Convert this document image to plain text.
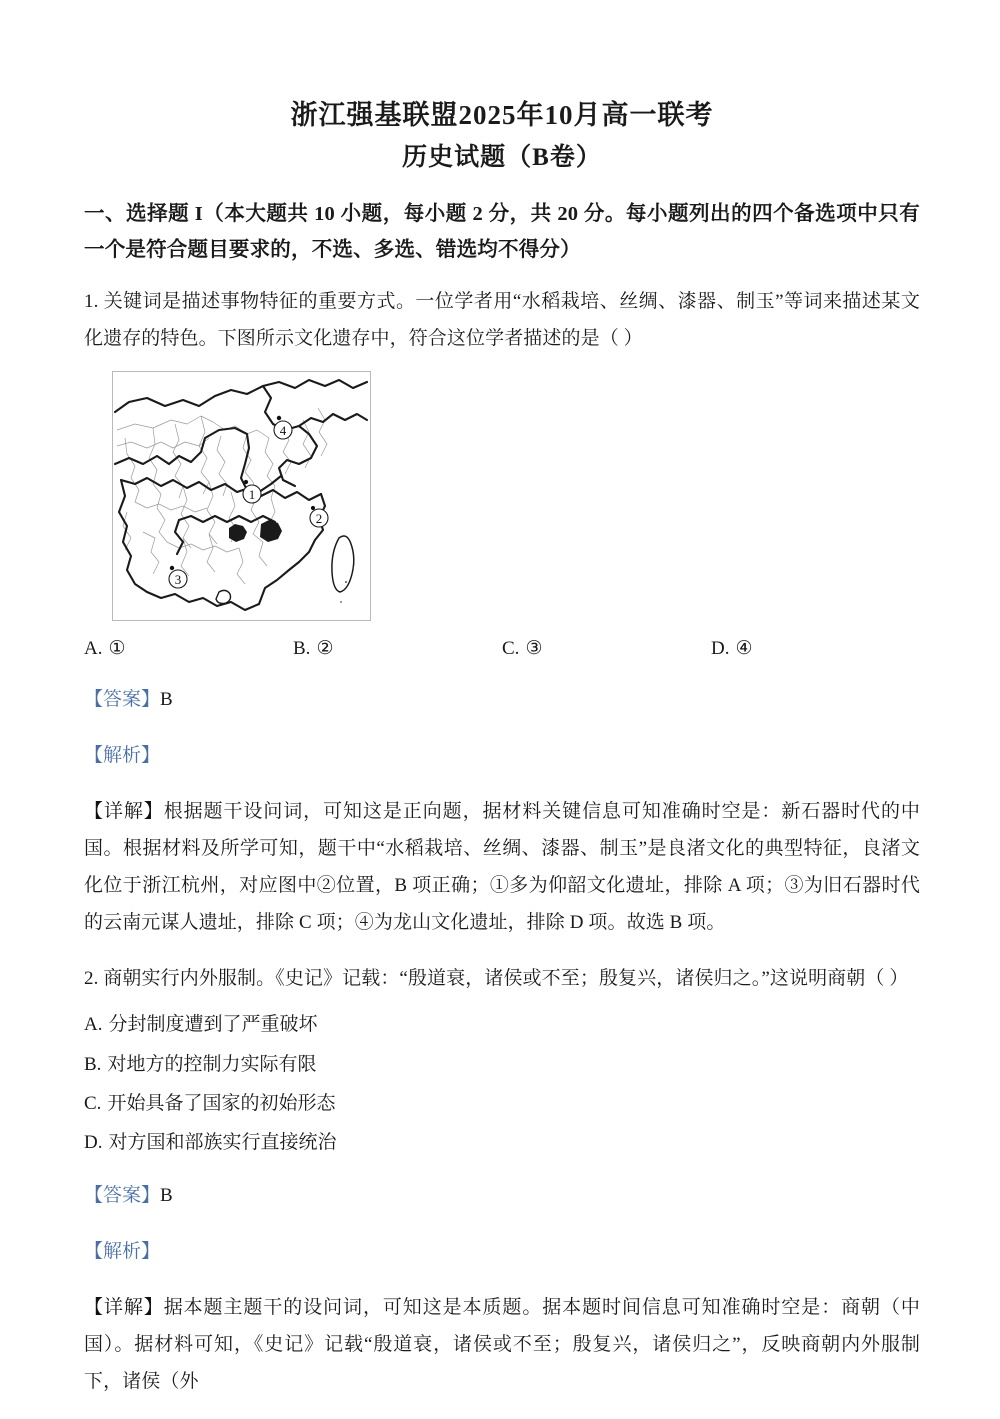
浙江强基联盟2025年10月高一联考
历史试题（B卷）

一、选择题 I（本大题共 10 小题，每小题 2 分，共 20 分。每小题列出的四个备选项中只有一个是符合题目要求的，不选、多选、错选均不得分）

1. 关键词是描述事物特征的重要方式。一位学者用“水稻栽培、丝绸、漆器、制玉”等词来描述某文化遗存的特色。下图所示文化遗存中，符合这位学者描述的是（ ）

1
2
3
4
A. ①	B. ②	C. ③	D. ④

【答案】B

【解析】

【详解】根据题干设问词，可知这是正向题，据材料关键信息可知准确时空是：新石器时代的中国。根据材料及所学可知，题干中“水稻栽培、丝绸、漆器、制玉”是良渚文化的典型特征，良渚文化位于浙江杭州，对应图中②位置，B 项正确；①多为仰韶文化遗址，排除 A 项；③为旧石器时代的云南元谋人遗址，排除 C 项；④为龙山文化遗址，排除 D 项。故选 B 项。

2. 商朝实行内外服制。《史记》记载：“殷道衰，诸侯或不至；殷复兴，诸侯归之。”这说明商朝（ ）

A. 分封制度遭到了严重破坏
B. 对地方的控制力实际有限
C. 开始具备了国家的初始形态
D. 对方国和部族实行直接统治

【答案】B

【解析】

【详解】据本题主题干的设问词，可知这是本质题。据本题时间信息可知准确时空是：商朝（中国）。据材料可知，《史记》记载“殷道衰，诸侯或不至；殷复兴，诸侯归之”，反映商朝内外服制下，诸侯（外
